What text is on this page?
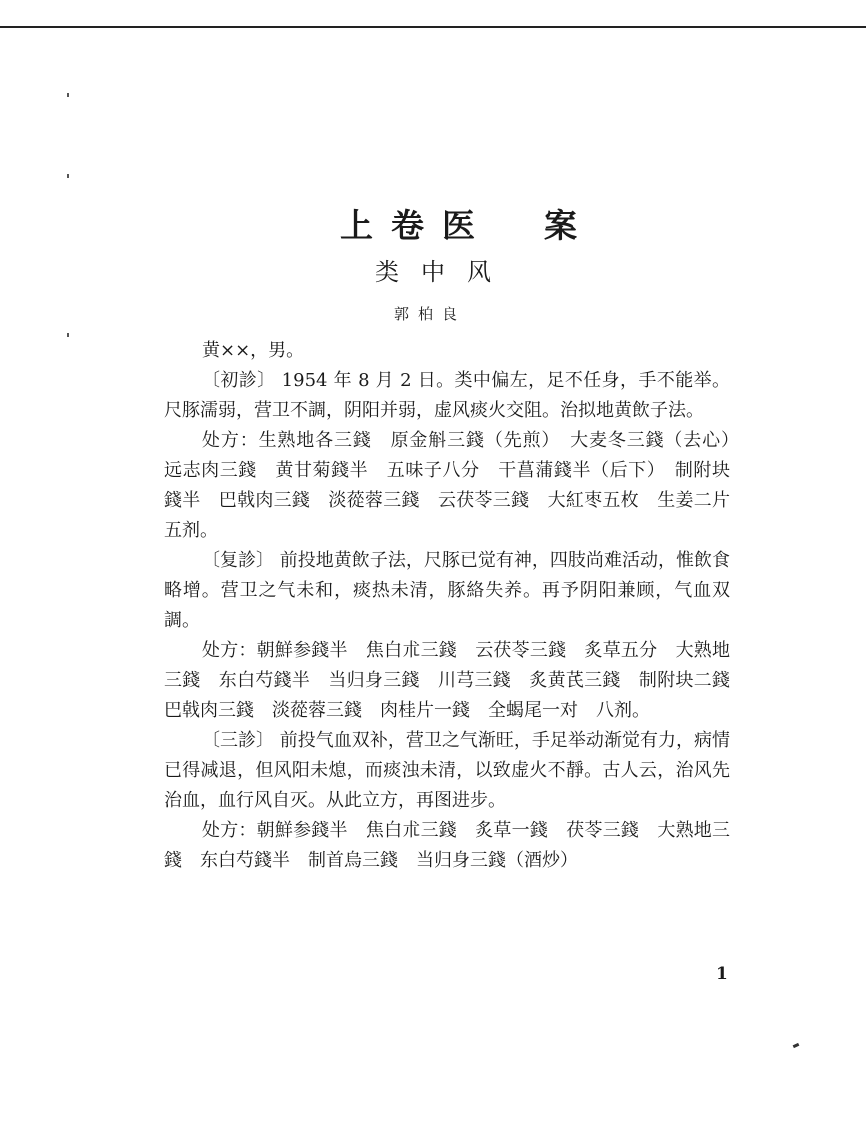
上卷医　案
类中风
郭柏良

黄××，男。

〔初診〕 1954 年 8 月 2 日。类中偏左，足不任身，手不能举。尺豚濡弱，营卫不調，阴阳并弱，虚风痰火交阻。治拟地黄飲子法。

处方：生熟地各三錢　原金斛三錢（先煎）　大麦冬三錢（去心）　远志肉三錢　黄甘菊錢半　五味子八分　干菖蒲錢半（后下）　制附块錢半　巴戟肉三錢　淡蓯蓉三錢　云茯苓三錢　大紅枣五枚　生姜二片　五剂。

〔复診〕 前投地黄飲子法，尺豚已觉有神，四肢尚难活动，惟飲食略增。营卫之气未和，痰热未清，豚絡失养。再予阴阳兼顾，气血双調。

处方：朝鮮参錢半　焦白朮三錢　云茯苓三錢　炙草五分　大熟地三錢　东白芍錢半　当归身三錢　川芎三錢　炙黄芪三錢　制附块二錢　巴戟肉三錢　淡蓯蓉三錢　肉桂片一錢　全蝎尾一对　八剂。

〔三診〕 前投气血双补，营卫之气渐旺，手足举动渐觉有力，病情已得减退，但风阳未熄，而痰浊未清，以致虚火不靜。古人云，治风先治血，血行风自灭。从此立方，再图进步。

处方：朝鮮参錢半　焦白朮三錢　炙草一錢　茯苓三錢　大熟地三錢　东白芍錢半　制首烏三錢　当归身三錢（酒炒）

1
